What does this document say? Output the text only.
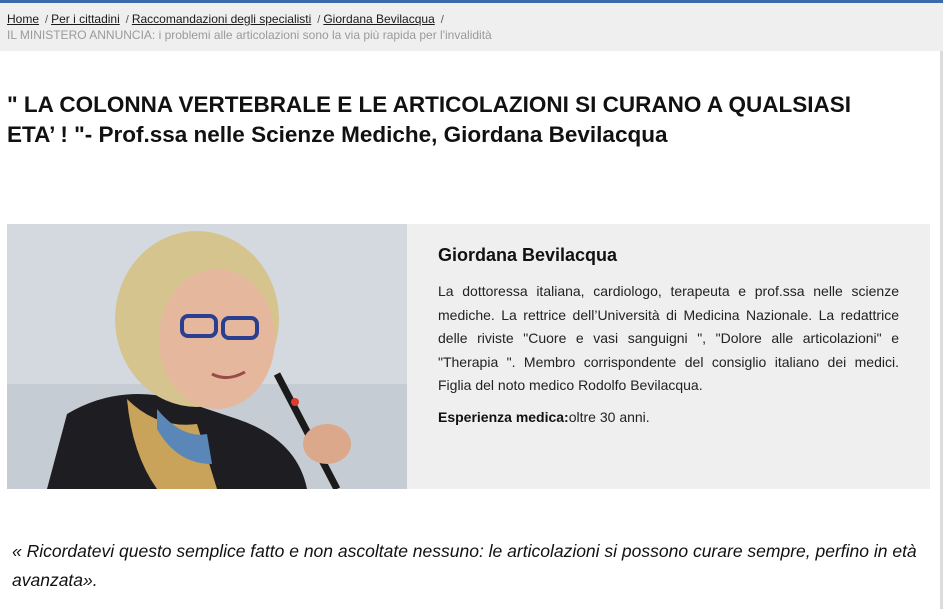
Home / Per i cittadini / Raccomandazioni degli specialisti / Giordana Bevilacqua /
IL MINISTERO ANNUNCIA: i problemi alle articolazioni sono la via più rapida per l'invalidità
" LA COLONNA VERTEBRALE E LE ARTICOLAZIONI SI CURANO A QUALSIASI ETA’ ! "- Prof.ssa nelle Scienze Mediche, Giordana Bevilacqua
Giordana Bevilacqua

La dottoressa italiana, cardiologo, terapeuta e prof.ssa nelle scienze mediche. La rettrice dell’Università di Medicina Nazionale. La redattrice delle riviste "Cuore e vasi sanguigni ", "Dolore alle articolazioni" e "Therapia ". Membro corrispondente del consiglio italiano dei medici. Figlia del noto medico Rodolfo Bevilacqua.

Esperienza medica:oltre 30 anni.

« Ricordatevi questo semplice fatto e non ascoltate nessuno: le articolazioni si possono curare sempre, perfino in età avanzata».
